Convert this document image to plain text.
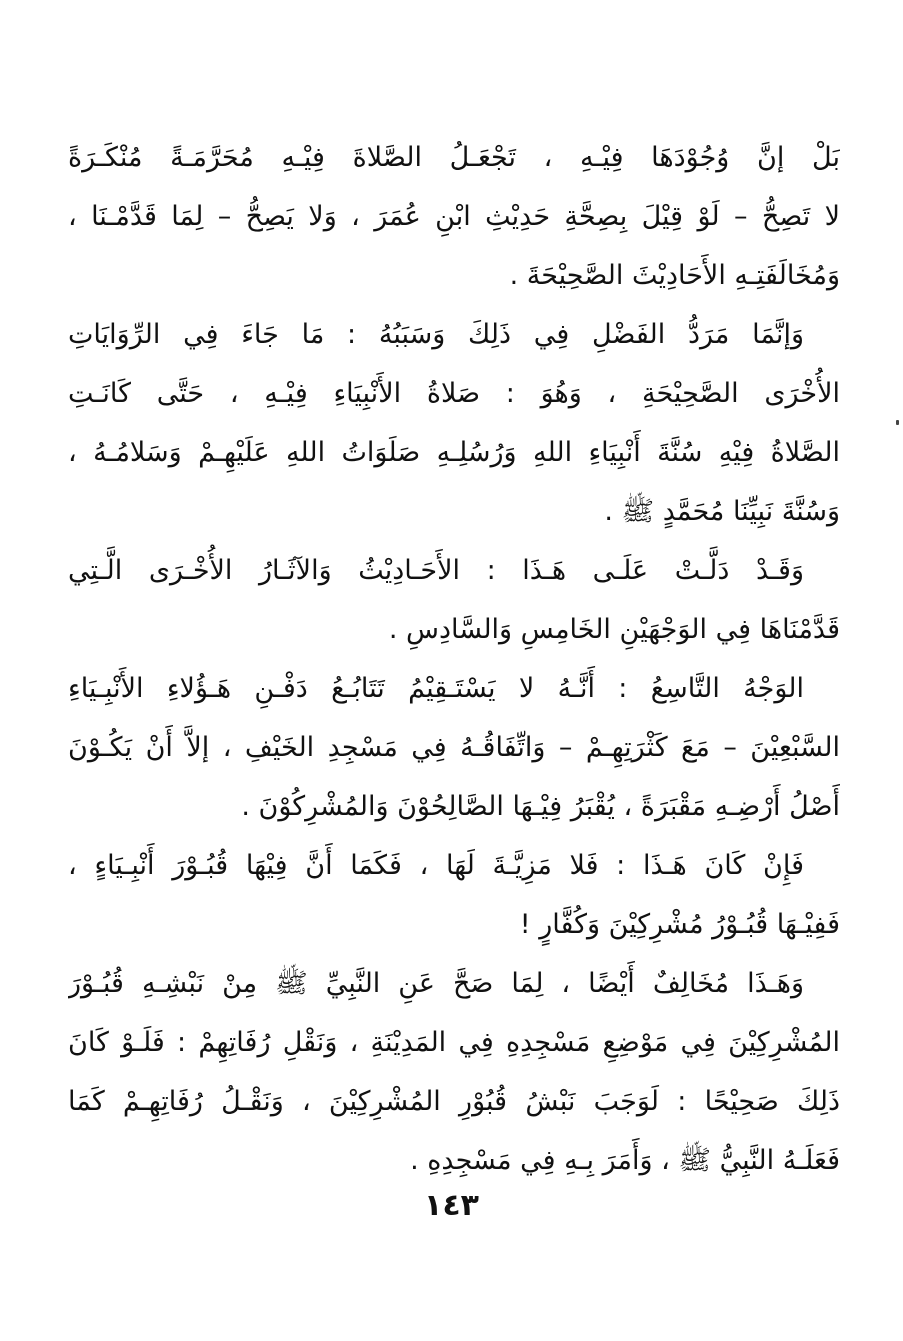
بَلْ إنَّ وُجُوْدَهَا فِيْـهِ ، تَجْعَـلُ الصَّلاةَ فِيْـهِ مُحَرَّمَـةً مُنْكَـرَةً

لا تَصِحُّ – لَوْ قِيْلَ بِصِحَّةِ حَدِيْثِ ابْنِ عُمَرَ ، وَلا يَصِحُّ – لِمَا قَدَّمْـنَا ،

وَمُخَالَفَتِـهِ الأَحَادِيْثَ الصَّحِيْحَةَ .

وَإنَّمَا مَرَدُّ الفَضْلِ فِي ذَلِكَ وَسَبَبُهُ : مَا جَاءَ فِي الرِّوَايَاتِ

الأُخْرَى الصَّحِيْحَةِ ، وَهُوَ : صَلاةُ الأَنْبِيَاءِ فِيْـهِ ، حَتَّى كَانَـتِ

الصَّلاةُ فِيْهِ سُنَّةَ أَنْبِيَاءِ اللهِ وَرُسُلِـهِ صَلَوَاتُ اللهِ عَلَيْهِـمْ وَسَلامُـهُ ،

وَسُنَّةَ نَبِيِّنَا مُحَمَّدٍ ﷺ .

وَقَـدْ دَلَّـتْ عَلَـى هَـذَا : الأَحَـادِيْثُ وَالآثَـارُ الأُخْـرَى الَّـتِي

قَدَّمْنَاهَا فِي الوَجْهَيْنِ الخَامِسِ وَالسَّادِسِ .

الوَجْهُ التَّاسِعُ : أَنَّـهُ لا يَسْتَـقِيْمُ تَتَابُـعُ دَفْـنِ هَـؤُلاءِ الأَنْبِـيَاءِ

السَّبْعِيْنَ – مَعَ كَثْرَتِهِـمْ – وَاتِّفَاقُـهُ فِي مَسْجِدِ الخَيْفِ ، إلاَّ أَنْ يَكُـوْنَ

أَصْلُ أَرْضِـهِ مَقْبَرَةً ، يُقْبَرُ فِيْـهَا الصَّالِحُوْنَ وَالمُشْرِكُوْنَ .

فَإِنْ كَانَ هَـذَا : فَلا مَزِيَّـةَ لَهَا ، فَكَمَا أَنَّ فِيْهَا قُبُـوْرَ أَنْبِـيَاءٍ ،

فَفِيْـهَا قُبُـوْرُ مُشْرِكِيْنَ وَكُفَّارٍ !

وَهَـذَا مُخَالِفٌ أَيْضًا ، لِمَا صَحَّ عَنِ النَّبِيِّ ﷺ مِنْ نَبْشِـهِ قُبُـوْرَ

المُشْرِكِيْنَ فِي مَوْضِعِ مَسْجِدِهِ فِي المَدِيْنَةِ ، وَنَقْلِ رُفَاتِهِمْ : فَلَـوْ كَانَ

ذَلِكَ صَحِيْحًا : لَوَجَبَ نَبْشُ قُبُوْرِ المُشْرِكِيْنَ ، وَنَقْـلُ رُفَاتِهِـمْ كَمَا

فَعَلَـهُ النَّبِيُّ ﷺ ، وَأَمَرَ بِـهِ فِي مَسْجِدِهِ .

١٤٣
